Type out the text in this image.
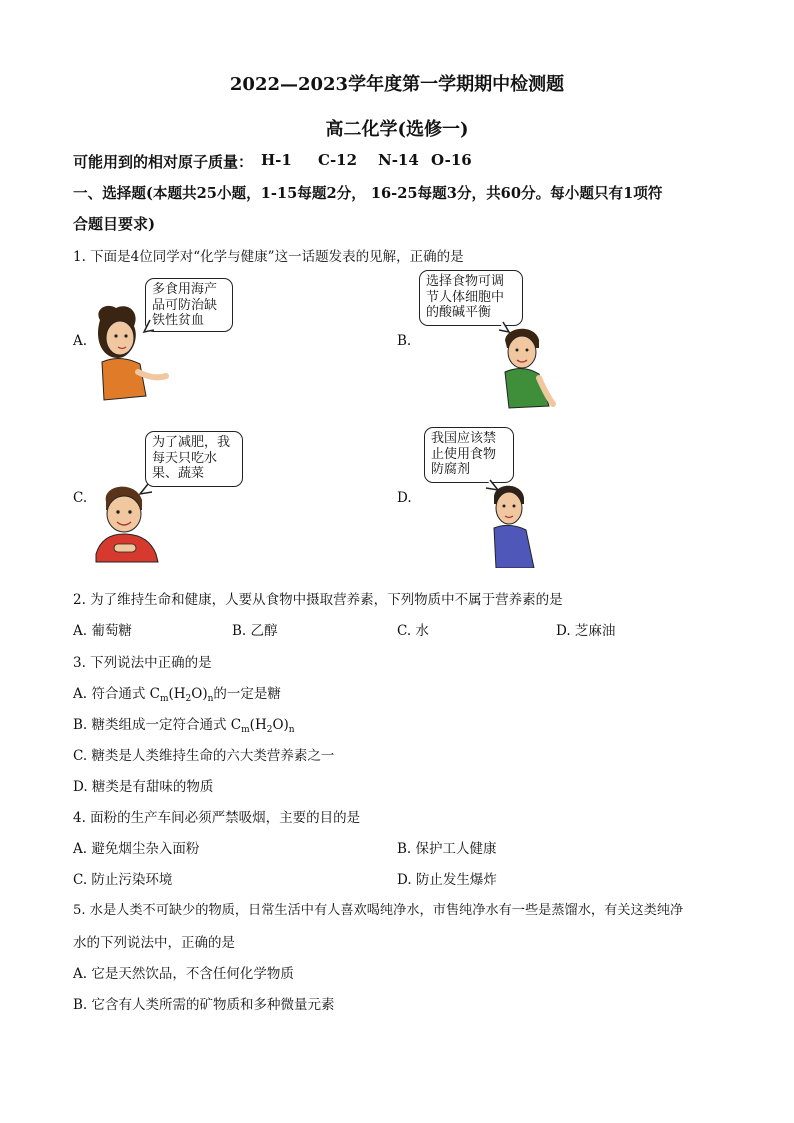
2022—2023学年度第一学期期中检测题
高二化学(选修一)
可能用到的相对原子质量： H-1 C-12 N-14 O-16
一、选择题(本题共25小题，1-15每题2分， 16-25每题3分，共60分。每小题只有1项符
合题目要求)
1. 下面是4位同学对“化学与健康”这一话题发表的见解，正确的是
A.
多食用海产品可防治缺铁性贫血
B.
选择食物可调节人体细胞中的酸碱平衡
C.
为了减肥，我每天只吃水果、蔬菜
D.
我国应该禁止使用食物防腐剂
2. 为了维持生命和健康，人要从食物中摄取营养素，下列物质中不属于营养素的是
A. 葡萄糖	B. 乙醇	C. 水	D. 芝麻油
3. 下列说法中正确的是
A. 符合通式 $C_m(H_2O)_n$的一定是糖
B. 糖类组成一定符合通式 $C_m(H_2O)_n$
C. 糖类是人类维持生命的六大类营养素之一
D. 糖类是有甜味的物质
4. 面粉的生产车间必须严禁吸烟，主要的目的是
A. 避免烟尘杂入面粉	B. 保护工人健康
C. 防止污染环境	D. 防止发生爆炸
5. 水是人类不可缺少的物质，日常生活中有人喜欢喝纯净水，市售纯净水有一些是蒸馏水，有关这类纯净
水的下列说法中，正确的是
A. 它是天然饮品，不含任何化学物质
B. 它含有人类所需的矿物质和多种微量元素
